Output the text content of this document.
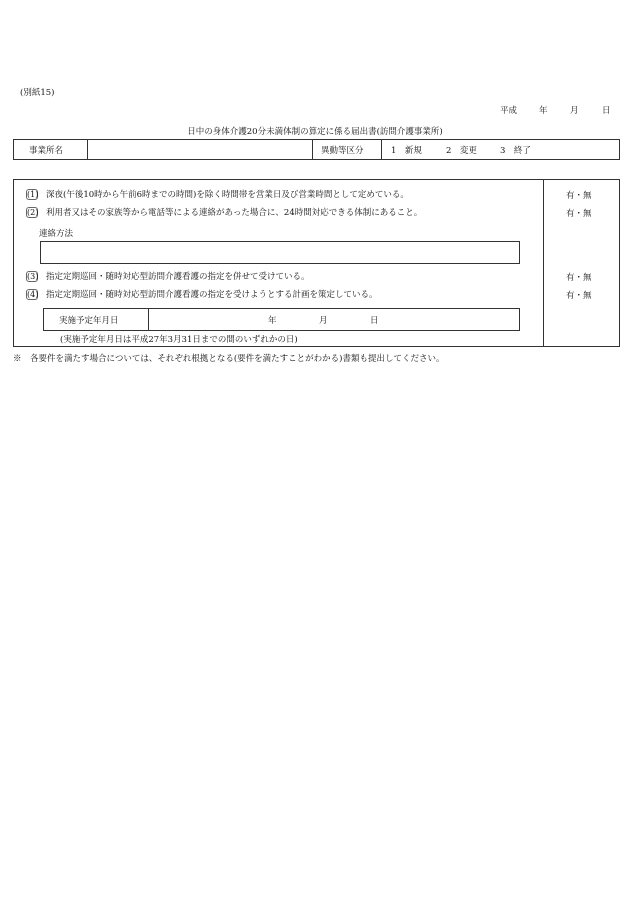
(別紙15)
平成	年	月	日
日中の身体介護20分未満体制の算定に係る届出書(訪問介護事業所)
事業所名	異動等区分	1　新規	2　変更	3　終了
(1) 深夜(午後10時から午前6時までの時間)を除く時間帯を営業日及び営業時間として定めている。	有・無
(2) 利用者又はその家族等から電話等による連絡があった場合に、24時間対応できる体制にあること。	有・無
連絡方法
(3) 指定定期巡回・随時対応型訪問介護看護の指定を併せて受けている。	有・無
(4) 指定定期巡回・随時対応型訪問介護看護の指定を受けようとする計画を策定している。	有・無
実施予定年月日	年	月	日
(実施予定年月日は平成27年3月31日までの間のいずれかの日)
※　各要件を満たす場合については、それぞれ根拠となる(要件を満たすことがわかる)書類も提出してください。
